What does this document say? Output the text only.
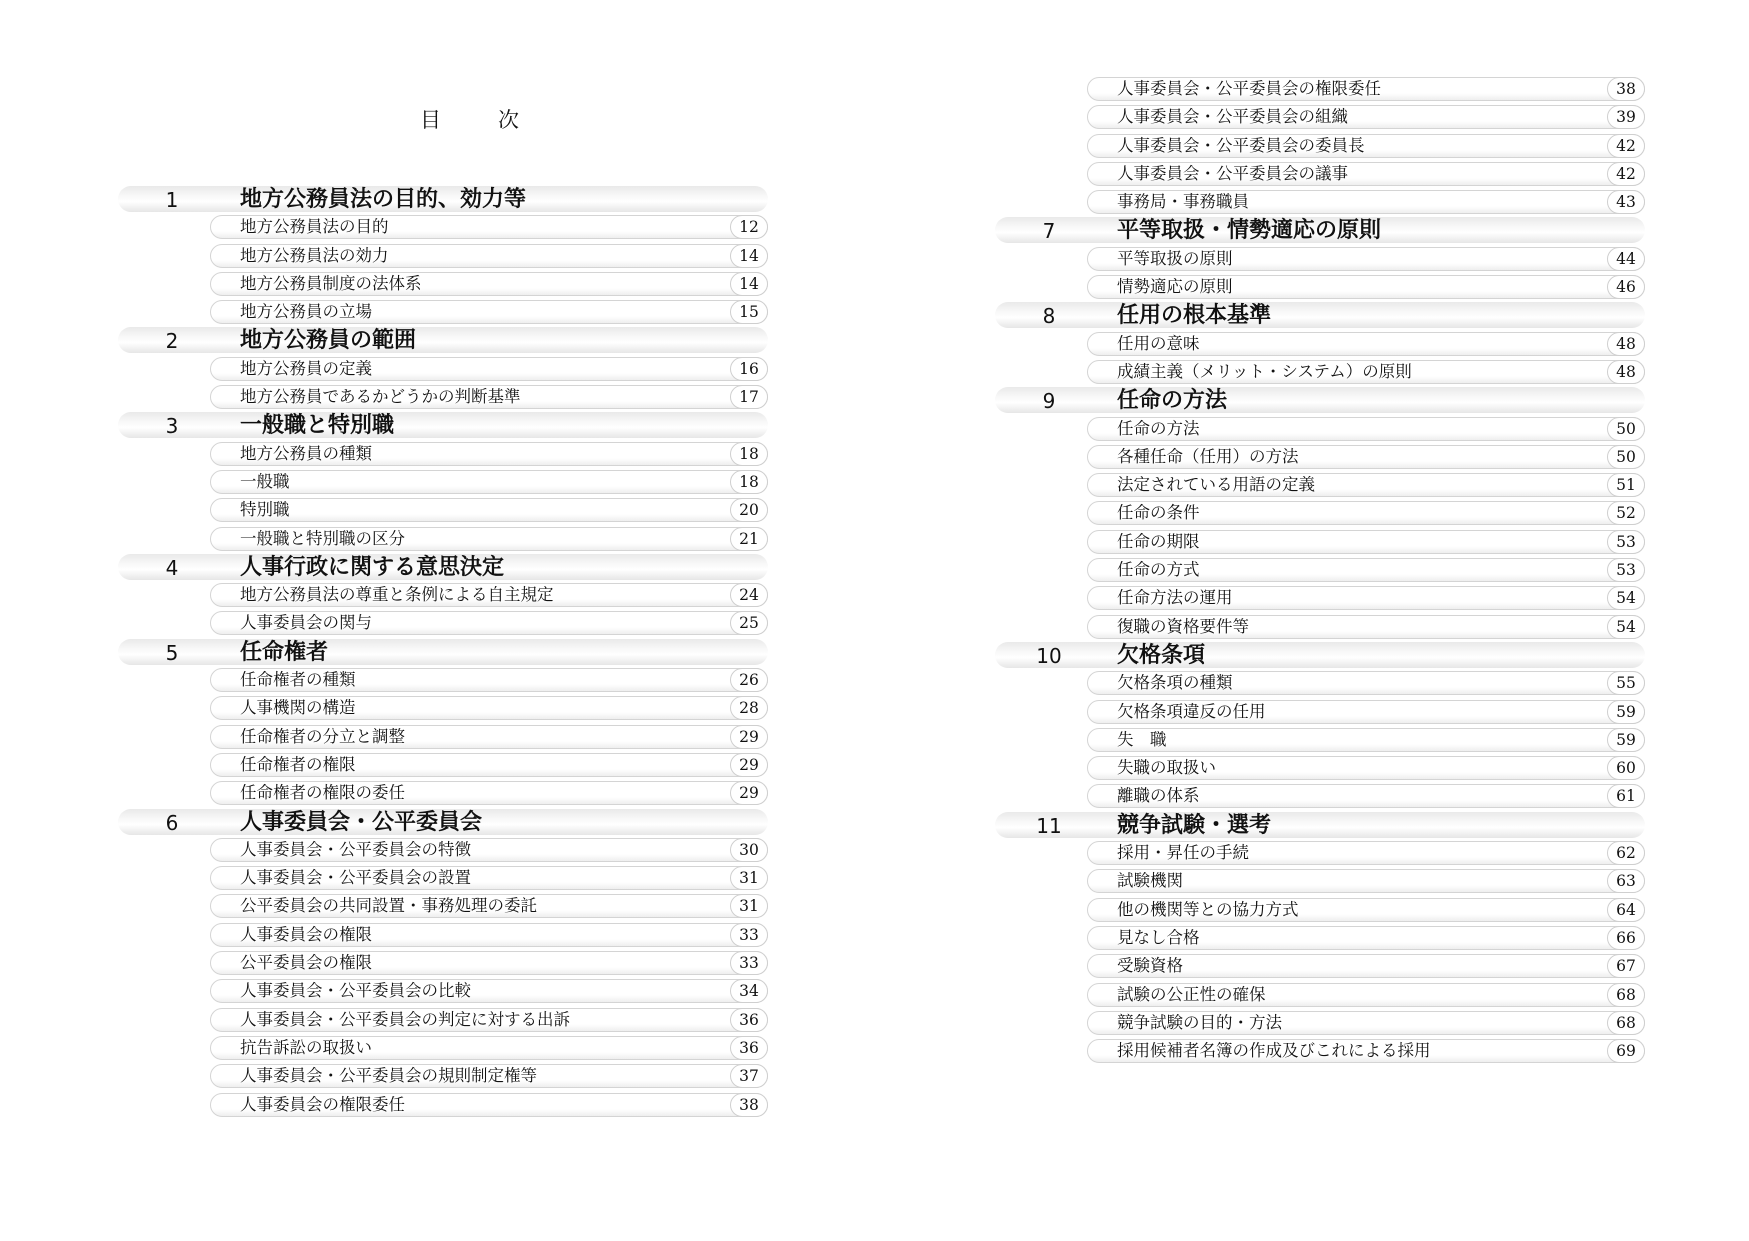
目　次
1	地方公務員法の目的、効力等
地方公務員法の目的	12
地方公務員法の効力	14
地方公務員制度の法体系	14
地方公務員の立場	15
2	地方公務員の範囲
地方公務員の定義	16
地方公務員であるかどうかの判断基準	17
3	一般職と特別職
地方公務員の種類	18
一般職	18
特別職	20
一般職と特別職の区分	21
4	人事行政に関する意思決定
地方公務員法の尊重と条例による自主規定	24
人事委員会の関与	25
5	任命権者
任命権者の種類	26
人事機関の構造	28
任命権者の分立と調整	29
任命権者の権限	29
任命権者の権限の委任	29
6	人事委員会・公平委員会
人事委員会・公平委員会の特徴	30
人事委員会・公平委員会の設置	31
公平委員会の共同設置・事務処理の委託	31
人事委員会の権限	33
公平委員会の権限	33
人事委員会・公平委員会の比較	34
人事委員会・公平委員会の判定に対する出訴	36
抗告訴訟の取扱い	36
人事委員会・公平委員会の規則制定権等	37
人事委員会の権限委任	38
人事委員会・公平委員会の権限委任	38
人事委員会・公平委員会の組織	39
人事委員会・公平委員会の委員長	42
人事委員会・公平委員会の議事	42
事務局・事務職員	43
7	平等取扱・情勢適応の原則
平等取扱の原則	44
情勢適応の原則	46
8	任用の根本基準
任用の意味	48
成績主義（メリット・システム）の原則	48
9	任命の方法
任命の方法	50
各種任命（任用）の方法	50
法定されている用語の定義	51
任命の条件	52
任命の期限	53
任命の方式	53
任命方法の運用	54
復職の資格要件等	54
10	欠格条項
欠格条項の種類	55
欠格条項違反の任用	59
失　職	59
失職の取扱い	60
離職の体系	61
11	競争試験・選考
採用・昇任の手続	62
試験機関	63
他の機関等との協力方式	64
見なし合格	66
受験資格	67
試験の公正性の確保	68
競争試験の目的・方法	68
採用候補者名簿の作成及びこれによる採用	69
